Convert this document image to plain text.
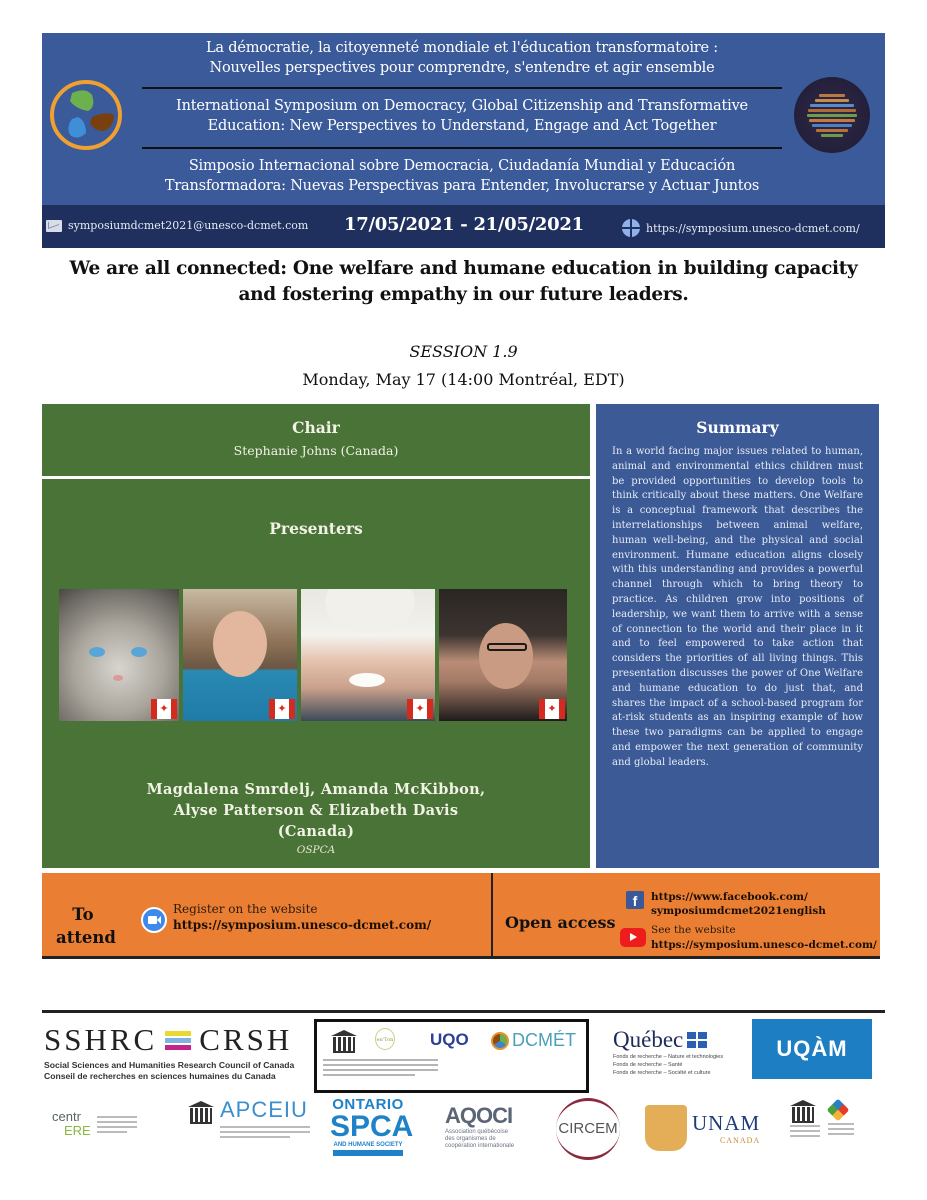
La démocratie, la citoyenneté mondiale et l'éducation transformatoire :
Nouvelles perspectives pour comprendre, s'entendre et agir ensemble
International Symposium on Democracy, Global Citizenship and Transformative
Education: New Perspectives to Understand, Engage and Act Together
Simposio Internacional sobre Democracia, Ciudadanía Mundial y Educación
Transformadora: Nuevas Perspectivas para Entender, Involucrarse y Actuar Juntos
symposiumdcmet2021@unesco-dcmet.com 17/05/2021 - 21/05/2021	https://symposium.unesco-dcmet.com/
We are all connected: One welfare and humane education in building capacity
and fostering empathy in our future leaders.
SESSION 1.9
Monday, May 17 (14:00 Montréal, EDT)
Chair
Stephanie Johns (Canada)
Presenters
✦
✦
✦
✦
Magdalena Smrdelj, Amanda McKibbon,
Alyse Patterson & Elizabeth Davis
(Canada)
OSPCA
Summary
In a world facing major issues related to human, animal and environmental ethics children must be provided opportunities to develop tools to think critically about these matters. One Welfare is a conceptual framework that describes the interrelationships between animal welfare, human well-being, and the physical and social environment. Humane education aligns closely with this understanding and provides a powerful channel through which to bring theory to practice. As children grow into positions of leadership, we want them to arrive with a sense of connection to the world and their place in it and to feel empowered to take action that considers the priorities of all living things. This presentation discusses the power of One Welfare and humane education to do just that, and shares the impact of a school-based program for at-risk students as an inspiring example of how these two paradigms can be applied to engage and empower the next generation of community and global leaders.
To
attend
Register on the website
https://symposium.unesco-dcmet.com/	Open access
f	https://www.facebook.com/
symposiumdcmet2021english
See the website
https://symposium.unesco-dcmet.com/
SSHRC CRSH
Social Sciences and Humanities Research Council of Canada
Conseil de recherches en sciences humaines du Canada
en'Ton UQO DCMÉT Québec
Fonds de recherche – Nature et technologies
Fonds de recherche – Santé
Fonds de recherche – Société et culture
UQÀM
centr
ERE
APCEIU ONTARIO
SPCA
AND HUMANE SOCIETY
AQOCI
Association québécoise
des organismes de
coopération internationale
CIRCEM	UNAM
CANADA
